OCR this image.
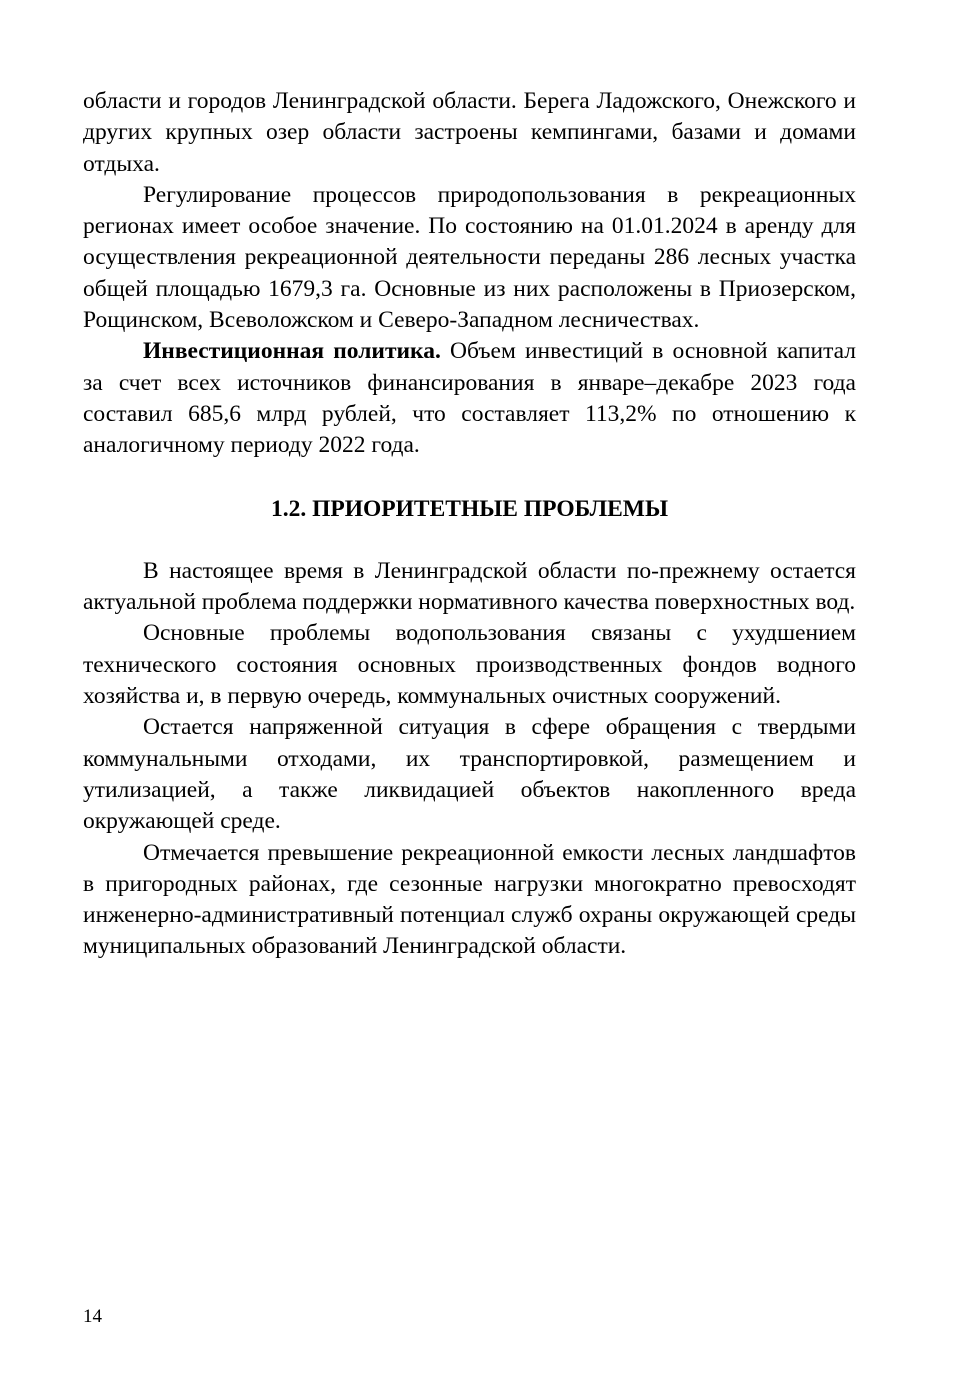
области и городов Ленинградской области. Берега Ладожского, Онежского и других крупных озер области застроены кемпингами, базами и домами отдыха.

Регулирование процессов природопользования в рекреационных регионах имеет особое значение. По состоянию на 01.01.2024 в аренду для осуществления рекреационной деятельности переданы 286 лесных участка общей площадью 1679,3 га. Основные из них расположены в Приозерском, Рощинском, Всеволожском и Северо-Западном лесничествах.

Инвестиционная политика. Объем инвестиций в основной капитал за счет всех источников финансирования в январе–декабре 2023 года составил 685,6 млрд рублей, что составляет 113,2% по отношению к аналогичному периоду 2022 года.

1.2. ПРИОРИТЕТНЫЕ ПРОБЛЕМЫ

В настоящее время в Ленинградской области по-прежнему остается актуальной проблема поддержки нормативного качества поверхностных вод.

Основные проблемы водопользования связаны с ухудшением технического состояния основных производственных фондов водного хозяйства и, в первую очередь, коммунальных очистных сооружений.

Остается напряженной ситуация в сфере обращения с твердыми коммунальными отходами, их транспортировкой, размещением и утилизацией, а также ликвидацией объектов накопленного вреда окружающей среде.

Отмечается превышение рекреационной емкости лесных ландшафтов в пригородных районах, где сезонные нагрузки многократно превосходят инженерно-административный потенциал служб охраны окружающей среды муниципальных образований Ленинградской области.

14
